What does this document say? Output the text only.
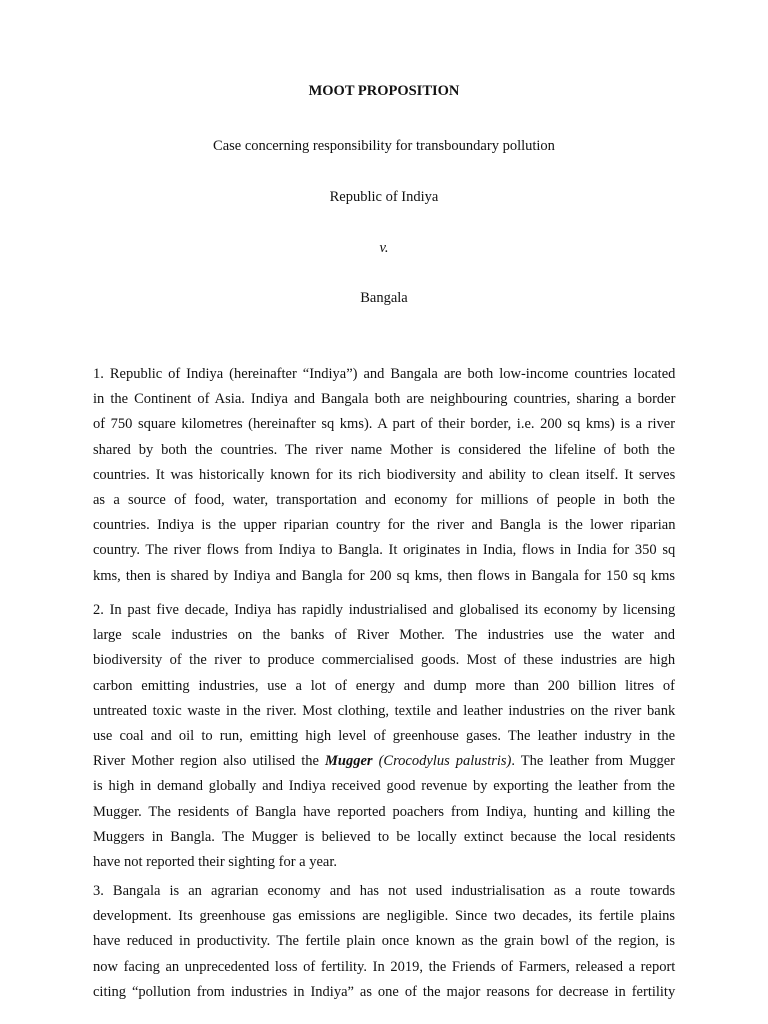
MOOT PROPOSITION
Case concerning responsibility for transboundary pollution
Republic of Indiya
v.
Bangala
1. Republic of Indiya (hereinafter “Indiya”) and Bangala are both low-income countries located
in the Continent of Asia. Indiya and Bangala both are neighbouring countries, sharing a border
of 750 square kilometres (hereinafter sq kms). A part of their border, i.e. 200 sq kms) is a river
shared by both the countries. The river name Mother is considered the lifeline of both the
countries. It was historically known for its rich biodiversity and ability to clean itself. It serves
as a source of food, water, transportation and economy for millions of people in both the
countries. Indiya is the upper riparian country for the river and Bangla is the lower riparian
country. The river flows from Indiya to Bangla. It originates in India, flows in India for 350 sq
kms, then is shared by Indiya and Bangla for 200 sq kms, then flows in Bangala for 150 sq kms
2. In past five decade, Indiya has rapidly industrialised and globalised its economy by licensing
large scale industries on the banks of River Mother. The industries use the water and
biodiversity of the river to produce commercialised goods. Most of these industries are high
carbon emitting industries, use a lot of energy and dump more than 200 billion litres of
untreated toxic waste in the river. Most clothing, textile and leather industries on the river bank
use coal and oil to run, emitting high level of greenhouse gases. The leather industry in the
River Mother region also utilised the Mugger (Crocodylus palustris). The leather from Mugger
is high in demand globally and Indiya received good revenue by exporting the leather from the
Mugger. The residents of Bangla have reported poachers from Indiya, hunting and killing the
Muggers in Bangla. The Mugger is believed to be locally extinct because the local residents
have not reported their sighting for a year.
3. Bangala is an agrarian economy and has not used industrialisation as a route towards
development. Its greenhouse gas emissions are negligible. Since two decades, its fertile plains
have reduced in productivity. The fertile plain once known as the grain bowl of the region, is
now facing an unprecedented loss of fertility. In 2019, the Friends of Farmers, released a report
citing “pollution from industries in Indiya” as one of the major reasons for decrease in fertility
